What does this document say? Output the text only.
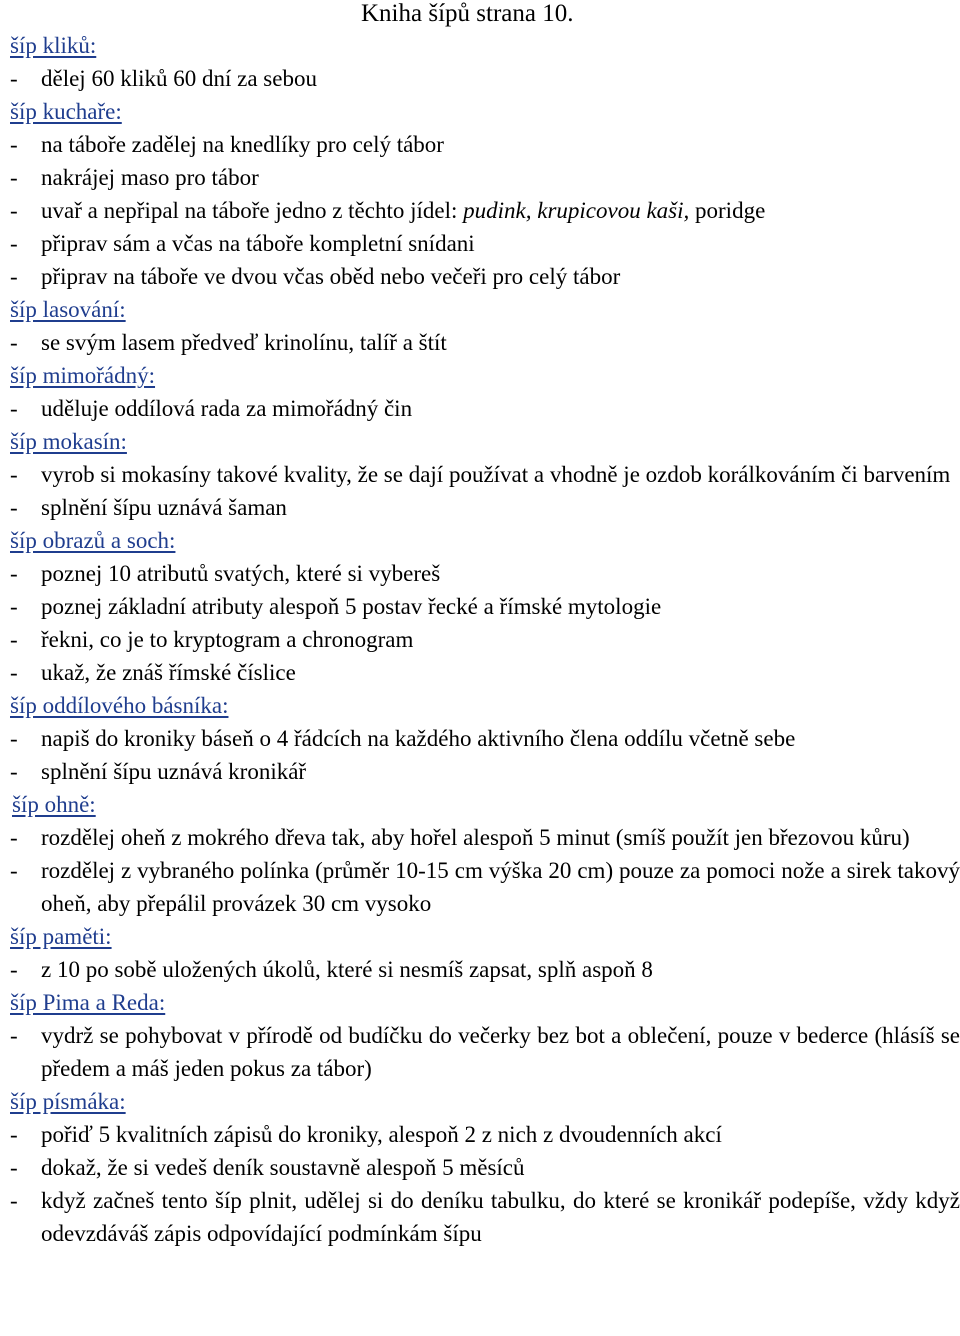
Kniha šípů strana 10.
šíp kliků:
- dělej 60 kliků 60 dní za sebou
šíp kuchaře:
- na táboře zadělej na knedlíky pro celý tábor
- nakrájej maso pro tábor
- uvař a nepřipal na táboře jedno z těchto jídel: pudink, krupicovou kaši, poridge
- připrav sám a včas na táboře kompletní snídani
- připrav na táboře ve dvou včas oběd nebo večeři pro celý tábor
šíp lasování:
- se svým lasem předveď krinolínu, talíř a štít
šíp mimořádný:
- uděluje oddílová rada za mimořádný čin
šíp mokasín:
- vyrob si mokasíny takové kvality, že se dají používat a vhodně je ozdob korálkováním či barvením
- splnění šípu uznává šaman
šíp obrazů a soch:
- poznej 10 atributů svatých, které si vybereš
- poznej základní atributy alespoň 5 postav řecké a římské mytologie
- řekni, co je to kryptogram a chronogram
- ukaž, že znáš římské číslice
šíp oddílového básníka:
- napiš do kroniky báseň o 4 řádcích na každého aktivního člena oddílu včetně sebe
- splnění šípu uznává kronikář
šíp ohně:
- rozdělej oheň z mokrého dřeva tak, aby hořel alespoň 5 minut (smíš použít jen březovou kůru)
- rozdělej z vybraného polínka (průměr 10-15 cm výška 20 cm) pouze za pomoci nože a sirek takový oheň, aby přepálil provázek 30 cm vysoko
šíp paměti:
- z 10 po sobě uložených úkolů, které si nesmíš zapsat, splň aspoň 8
šíp Pima a Reda:
- vydrž se pohybovat v přírodě od budíčku do večerky bez bot a oblečení, pouze v bederce (hlásíš se předem a máš jeden pokus za tábor)
šíp písmáka:
- pořiď 5 kvalitních zápisů do kroniky, alespoň 2 z nich z dvoudenních akcí
- dokaž, že si vedeš deník soustavně alespoň 5 měsíců
- když začneš tento šíp plnit, udělej si do deníku tabulku, do které se kronikář podepíše, vždy když odevzdáváš zápis odpovídající podmínkám šípu
